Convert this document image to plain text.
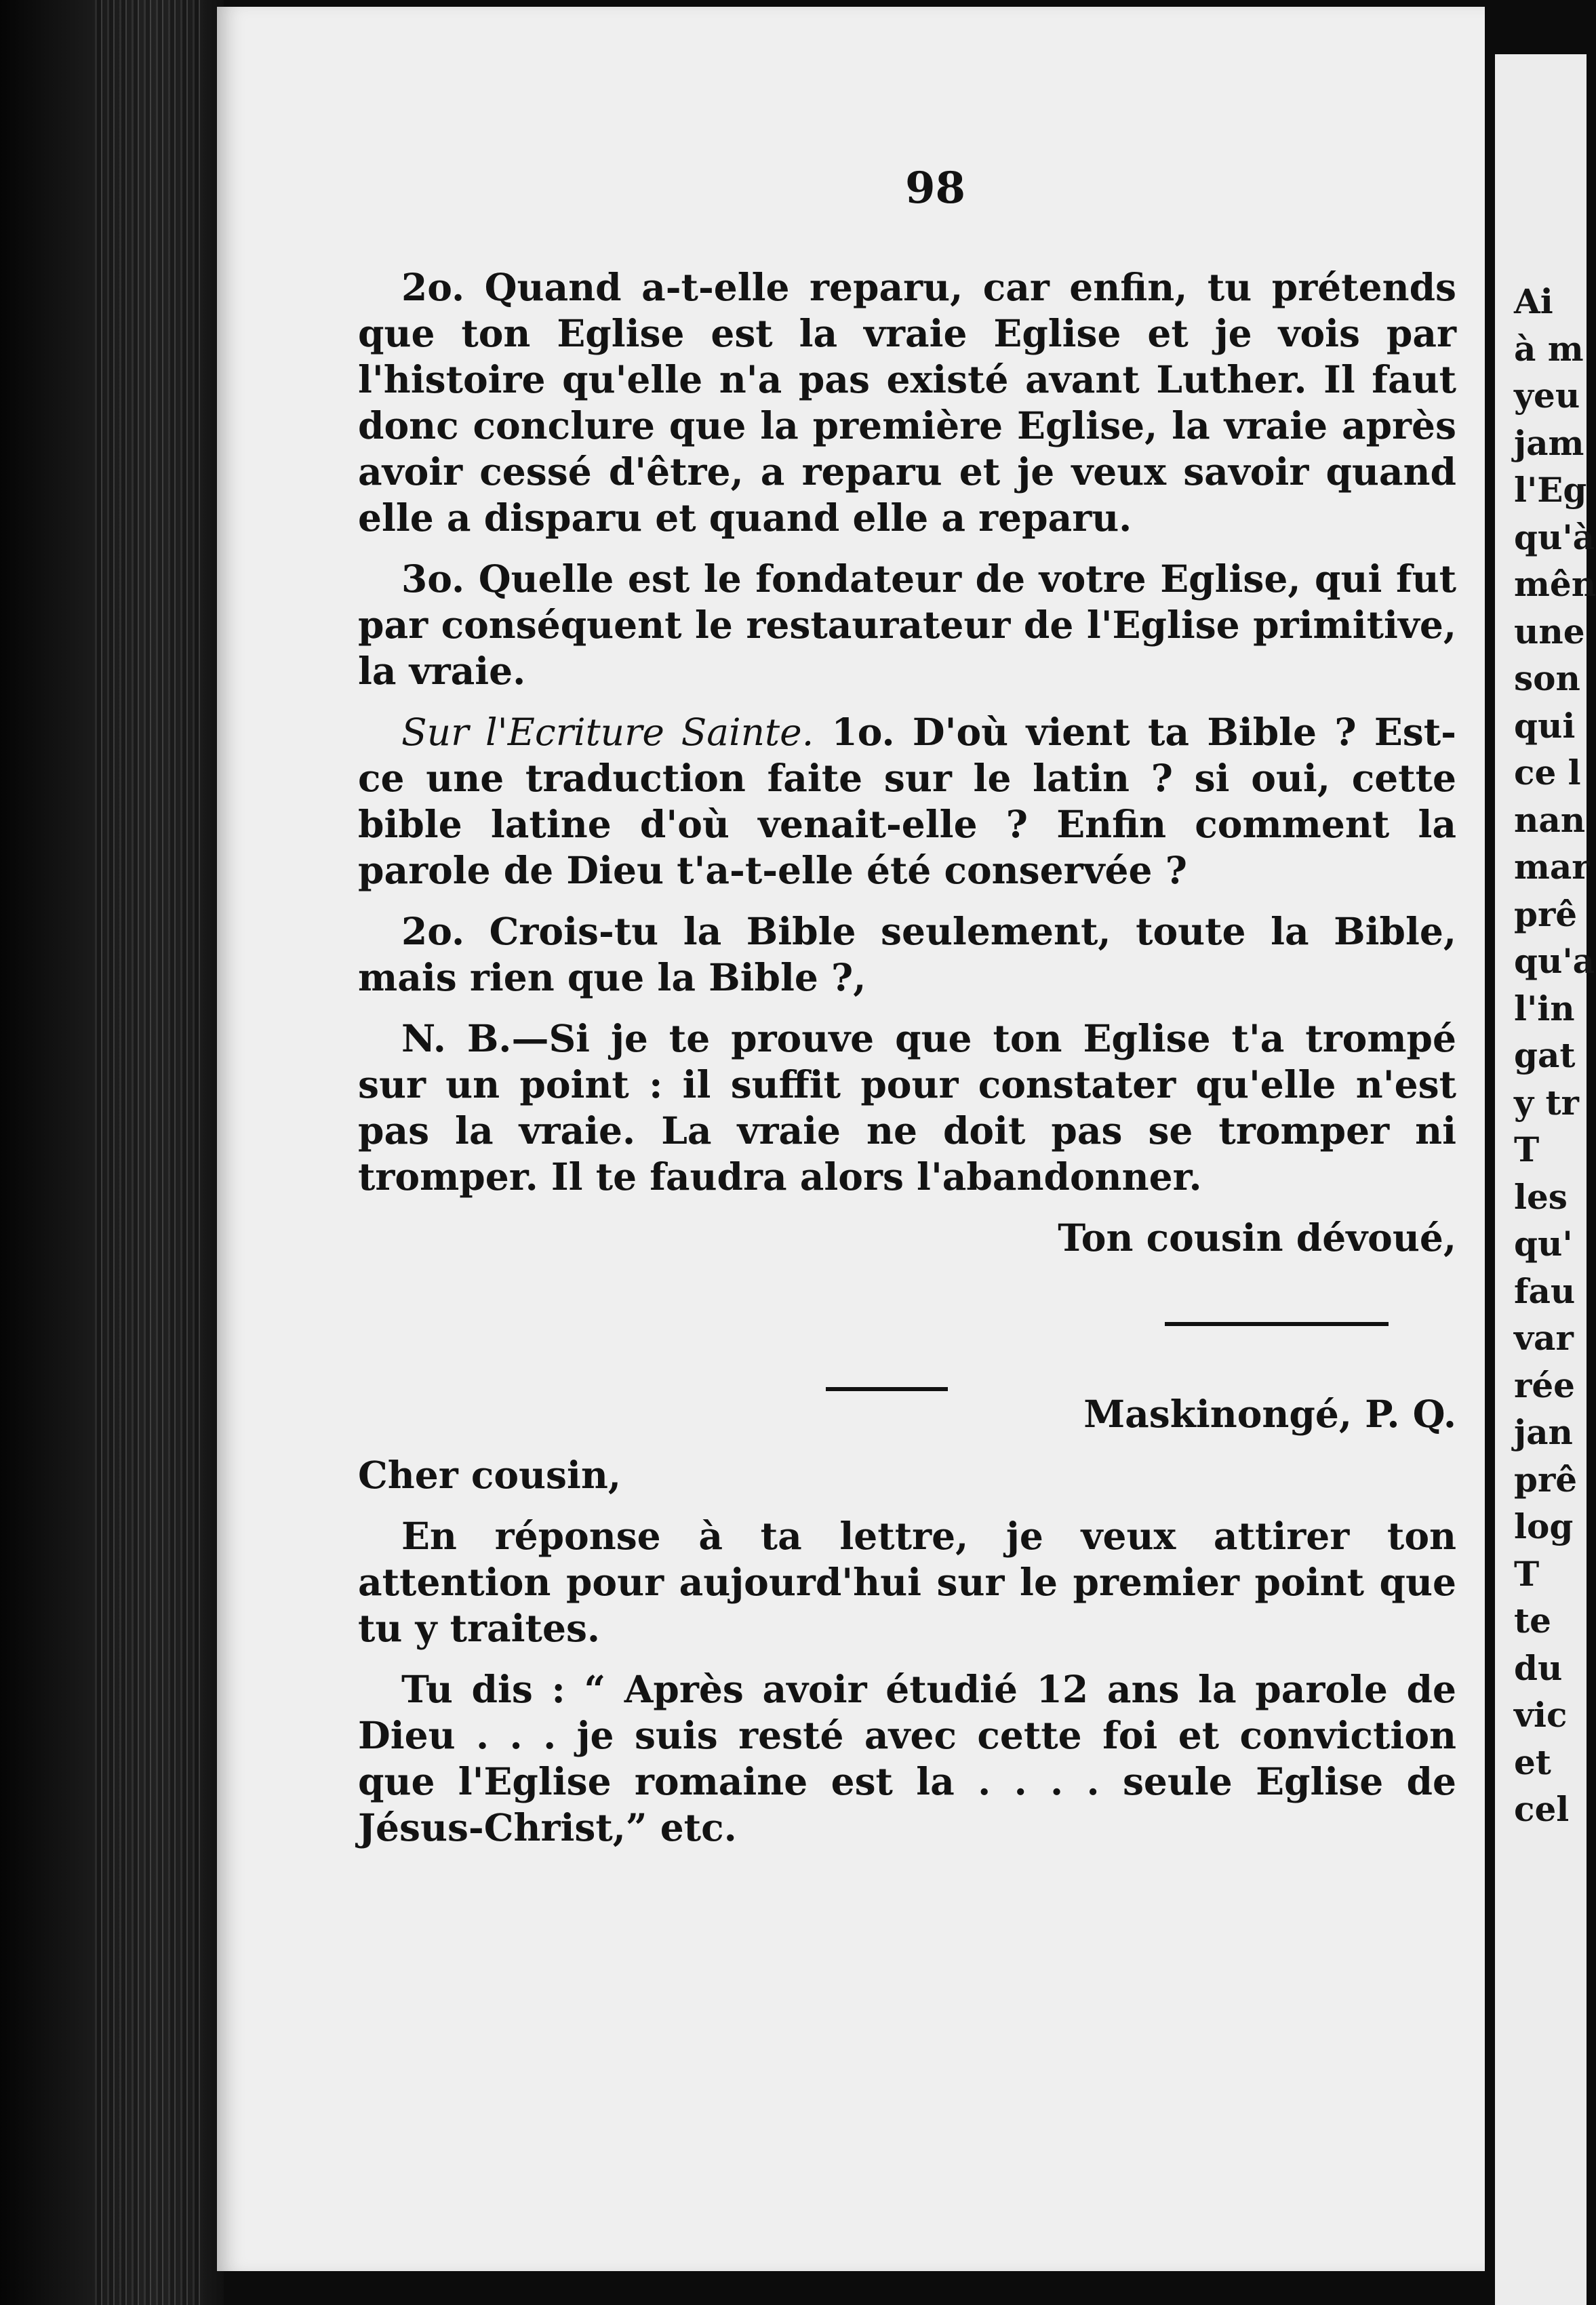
98

2o. Quand a-t-elle reparu, car enfin, tu prétends que ton Eglise est la vraie Eglise et je vois par l'histoire qu'elle n'a pas existé avant Luther. Il faut donc conclure que la première Eglise, la vraie après avoir cessé d'être, a reparu et je veux savoir quand elle a disparu et quand elle a reparu.

3o. Quelle est le fondateur de votre Eglise, qui fut par conséquent le restaurateur de l'Eglise primitive, la vraie.

Sur l'Ecriture Sainte. 1o. D'où vient ta Bible ? Est-ce une traduction faite sur le latin ? si oui, cette bible latine d'où venait-elle ? Enfin comment la parole de Dieu t'a-t-elle été conservée ?

2o. Crois-tu la Bible seulement, toute la Bible, mais rien que la Bible ?,

N. B.—Si je te prouve que ton Eglise t'a trompé sur un point : il suffit pour constater qu'elle n'est pas la vraie. La vraie ne doit pas se tromper ni tromper. Il te faudra alors l'abandonner.

Ton cousin dévoué,

Maskinongé, P. Q.

Cher cousin,

En réponse à ta lettre, je veux attirer ton attention pour aujourd'hui sur le premier point que tu y traites.

Tu dis : “ Après avoir étudié 12 ans la parole de Dieu . . . je suis resté avec cette foi et conviction que l'Eglise romaine est la . . . . seule Eglise de Jésus-Christ,” etc.

Ai
à m
yeu
jam
l'Eg
qu'à
mên
une
son
qui
ce l
nan
mar
prê
qu'a
l'in
gat
y tr
T
les
qu'
fau
var
rée
jan
prê
log
T
te
du
vic
et
cel
